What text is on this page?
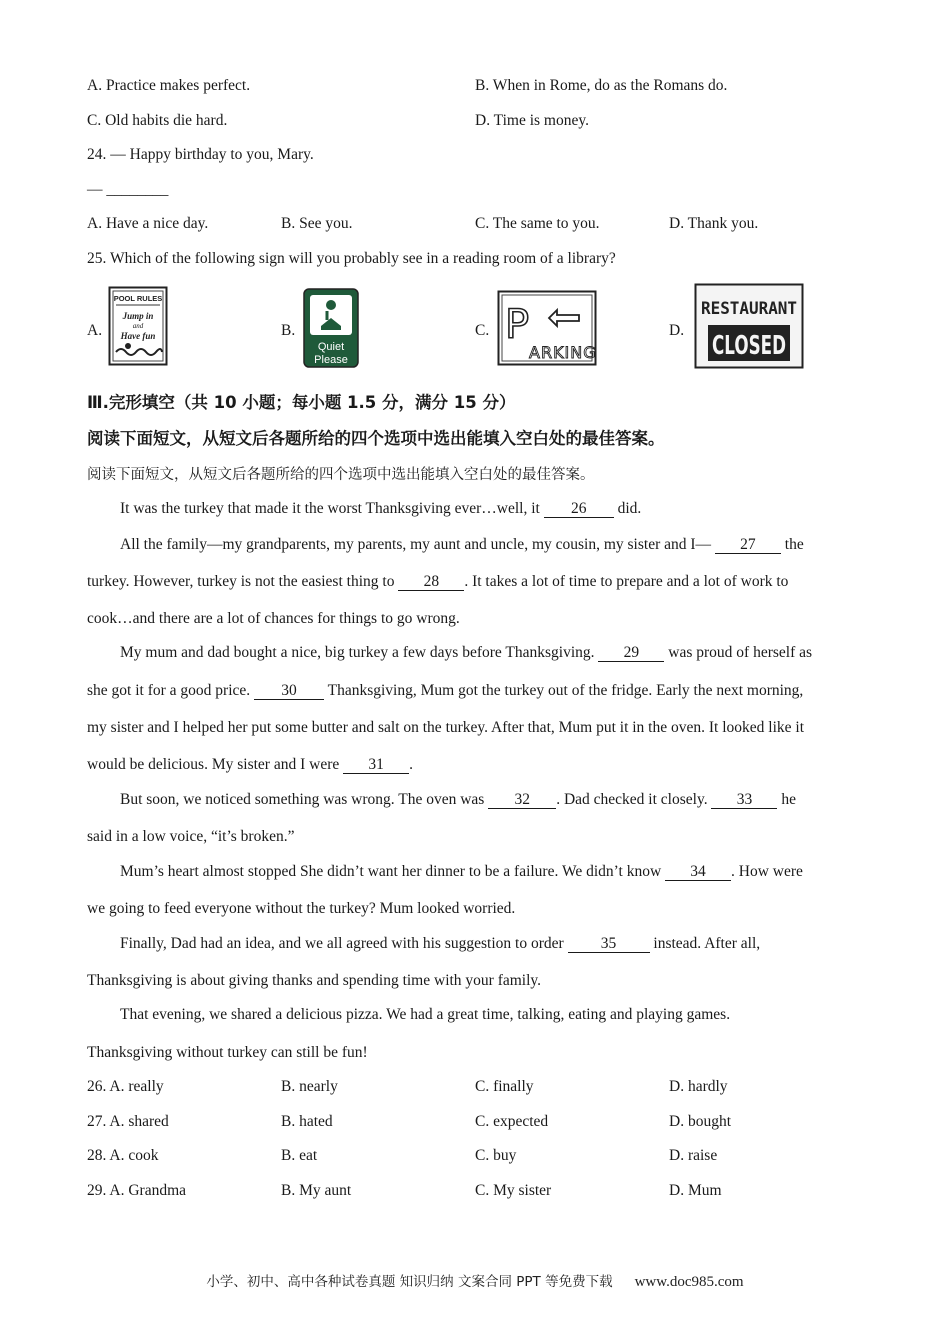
A. Practice makes perfect.	B. When in Rome, do as the Romans do.
C. Old habits die hard.	D. Time is money.
24. — Happy birthday to you, Mary.
— ________
A. Have a nice day.	B. See you.	C. The same to you.	D. Thank you.
25. Which of the following sign will you probably see in a reading room of a library?
A.	B.	C.	D.
POOL RULES
Jump in
and
Have fun
Quiet
Please
P
ARKING
RESTAURANT
CLOSED
Ⅲ.完形填空（共 10 小题；每小题 1.5 分，满分 15 分）
阅读下面短文，从短文后各题所给的四个选项中选出能填入空白处的最佳答案。
阅读下面短文，从短文后各题所给的四个选项中选出能填入空白处的最佳答案。
It was the turkey that made it the worst Thanksgiving ever…well, it 26 did.
All the family—my grandparents, my parents, my aunt and uncle, my cousin, my sister and I— 27 the
turkey. However, turkey is not the easiest thing to 28 . It takes a lot of time to prepare and a lot of work to
cook…and there are a lot of chances for things to go wrong.
My mum and dad bought a nice, big turkey a few days before Thanksgiving. 29 was proud of herself as
she got it for a good price. 30 Thanksgiving, Mum got the turkey out of the fridge. Early the next morning,
my sister and I helped her put some butter and salt on the turkey. After that, Mum put it in the oven. It looked like it
would be delicious. My sister and I were 31 .
But soon, we noticed something was wrong. The oven was 32 . Dad checked it closely. 33 he
said in a low voice, “it’s broken.”
Mum’s heart almost stopped She didn’t want her dinner to be a failure. We didn’t know 34 . How were
we going to feed everyone without the turkey? Mum looked worried.
Finally, Dad had an idea, and we all agreed with his suggestion to order 35 instead. After all,
Thanksgiving is about giving thanks and spending time with your family.
That evening, we shared a delicious pizza. We had a great time, talking, eating and playing games.
Thanksgiving without turkey can still be fun!
26. A. really	B. nearly	C. finally	D. hardly
27. A. shared	B. hated	C. expected	D. bought
28. A. cook	B. eat	C. buy	D. raise
29. A. Grandma	B. My aunt	C. My sister	D. Mum
小学、初中、高中各种试卷真题 知识归纳 文案合同 PPT 等免费下载 www.doc985.com
